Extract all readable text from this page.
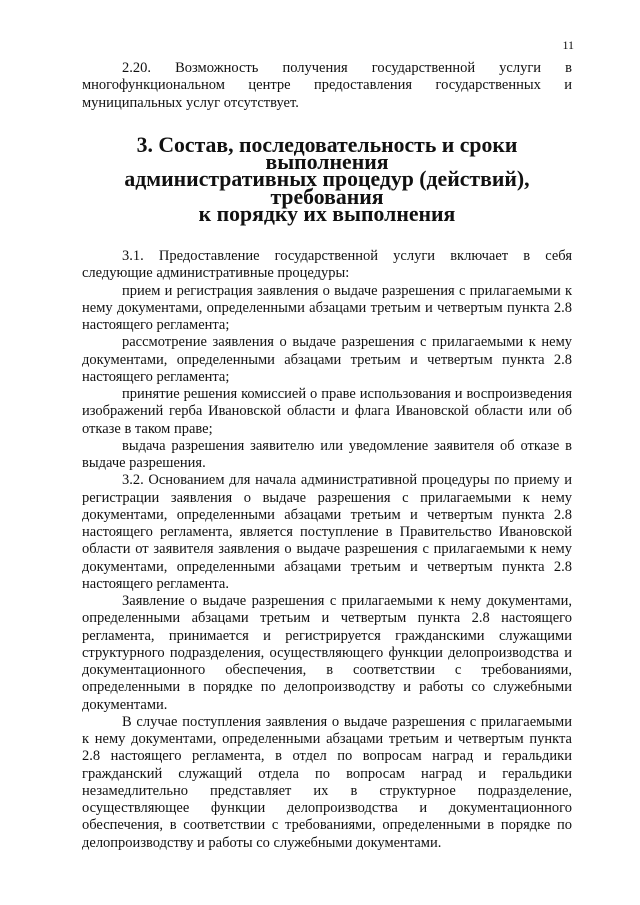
11

2.20. Возможность получения государственной услуги в многофункциональном центре предоставления государственных и муниципальных услуг отсутствует.

3. Состав, последовательность и сроки выполнения
административных процедур (действий), требования
к порядку их выполнения

3.1. Предоставление государственной услуги включает в себя следующие административные процедуры:

прием и регистрация заявления о выдаче разрешения с прилагаемыми к нему документами, определенными абзацами третьим и четвертым пункта 2.8 настоящего регламента;

рассмотрение заявления о выдаче разрешения с прилагаемыми к нему документами, определенными абзацами третьим и четвертым пункта 2.8 настоящего регламента;

принятие решения комиссией о праве использования и воспроизведения изображений герба Ивановской области и флага Ивановской области или об отказе в таком праве;

выдача разрешения заявителю или уведомление заявителя об отказе в выдаче разрешения.

3.2. Основанием для начала административной процедуры по приему и регистрации заявления о выдаче разрешения с прилагаемыми к нему документами, определенными абзацами третьим и четвертым пункта 2.8 настоящего регламента, является поступление в Правительство Ивановской области от заявителя заявления о выдаче разрешения с прилагаемыми к нему документами, определенными абзацами третьим и четвертым пункта 2.8 настоящего регламента.

Заявление о выдаче разрешения с прилагаемыми к нему документами, определенными абзацами третьим и четвертым пункта 2.8 настоящего регламента, принимается и регистрируется гражданскими служащими структурного подразделения, осуществляющего функции делопроизводства и документационного обеспечения, в соответствии с требованиями, определенными в порядке по делопроизводству и работы со служебными документами.

В случае поступления заявления о выдаче разрешения с прилагаемыми к нему документами, определенными абзацами третьим и четвертым пункта 2.8 настоящего регламента, в отдел по вопросам наград и геральдики гражданский служащий отдела по вопросам наград и геральдики незамедлительно представляет их в структурное подразделение, осуществляющее функции делопроизводства и документационного обеспечения, в соответствии с требованиями, определенными в порядке по делопроизводству и работы со служебными документами.
